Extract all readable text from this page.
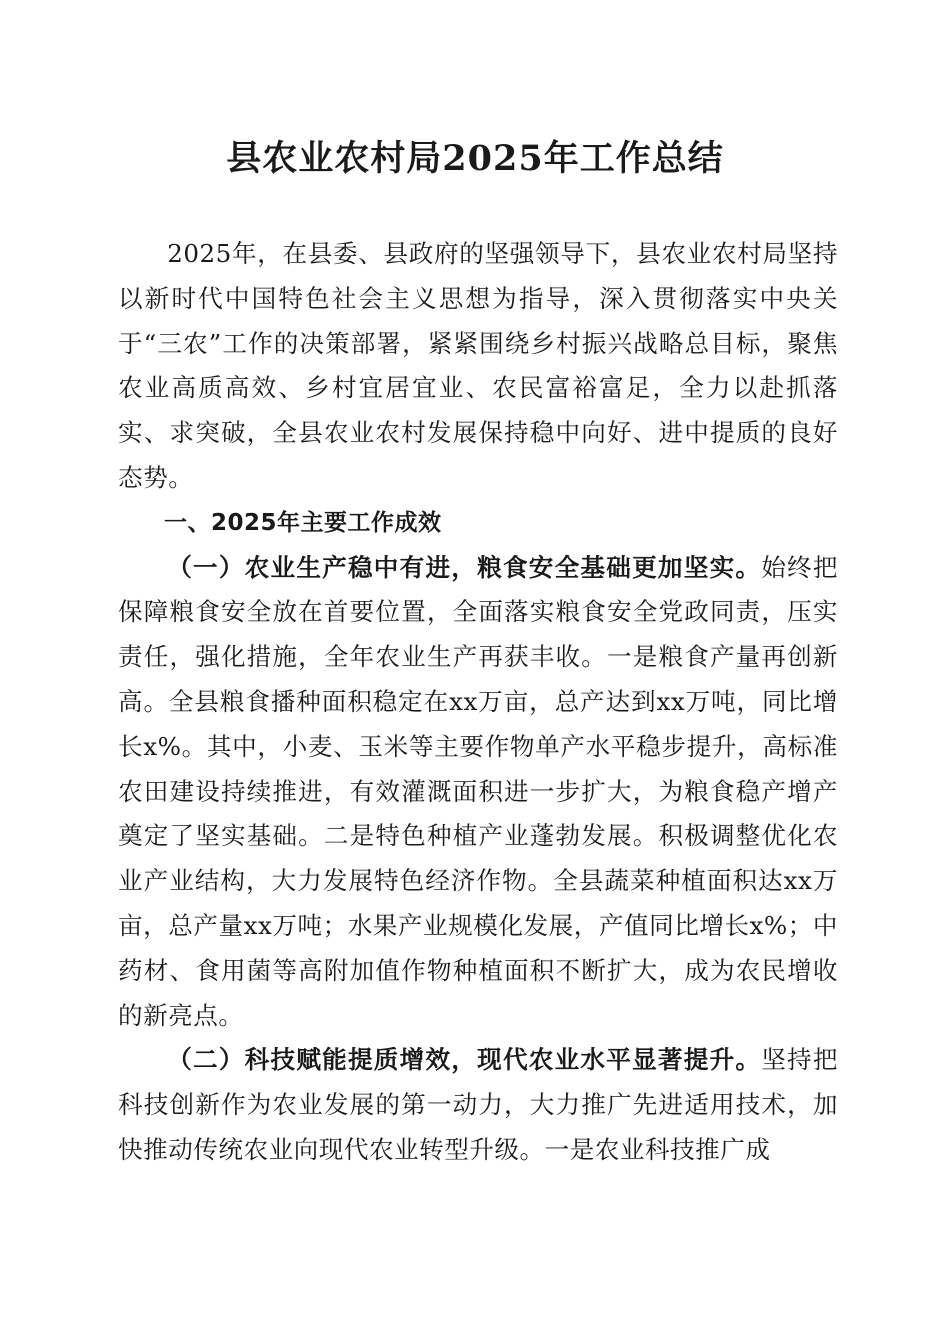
县农业农村局2025年工作总结

2025年，在县委、县政府的坚强领导下，县农业农村局坚持以新时代中国特色社会主义思想为指导，深入贯彻落实中央关于“三农”工作的决策部署，紧紧围绕乡村振兴战略总目标，聚焦农业高质高效、乡村宜居宜业、农民富裕富足，全力以赴抓落实、求突破，全县农业农村发展保持稳中向好、进中提质的良好态势。

一、2025年主要工作成效

（一）农业生产稳中有进，粮食安全基础更加坚实。始终把保障粮食安全放在首要位置，全面落实粮食安全党政同责，压实责任，强化措施，全年农业生产再获丰收。一是粮食产量再创新高。全县粮食播种面积稳定在xx万亩，总产达到xx万吨，同比增长x%。其中，小麦、玉米等主要作物单产水平稳步提升，高标准农田建设持续推进，有效灌溉面积进一步扩大，为粮食稳产增产奠定了坚实基础。二是特色种植产业蓬勃发展。积极调整优化农业产业结构，大力发展特色经济作物。全县蔬菜种植面积达xx万亩，总产量xx万吨；水果产业规模化发展，产值同比增长x%；中药材、食用菌等高附加值作物种植面积不断扩大，成为农民增收的新亮点。

（二）科技赋能提质增效，现代农业水平显著提升。坚持把科技创新作为农业发展的第一动力，大力推广先进适用技术，加快推动传统农业向现代农业转型升级。一是农业科技推广成
